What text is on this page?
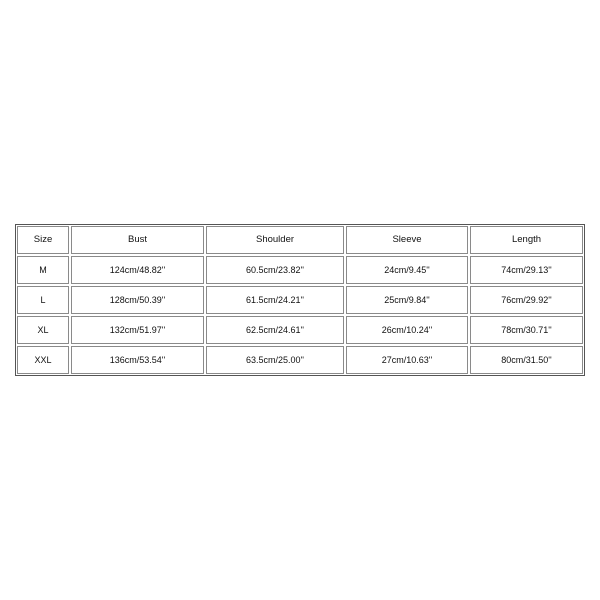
Size	Bust	Shoulder	Sleeve	Length
M	124cm/48.82''	60.5cm/23.82''	24cm/9.45''	74cm/29.13''
L	128cm/50.39''	61.5cm/24.21''	25cm/9.84''	76cm/29.92''
XL	132cm/51.97''	62.5cm/24.61''	26cm/10.24''	78cm/30.71''
XXL	136cm/53.54''	63.5cm/25.00''	27cm/10.63''	80cm/31.50''
